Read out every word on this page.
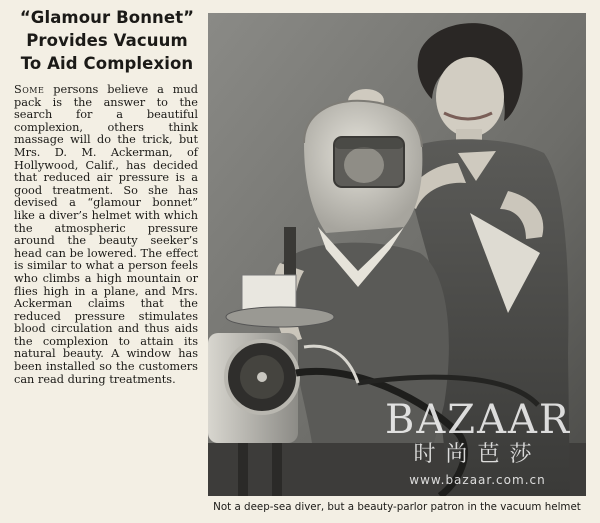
“Glamour Bonnet”
Provides Vacuum
To Aid Complexion
Some persons believe a mud pack is the answer to the search for a beautiful complexion, others think massage will do the trick, but Mrs. D. M. Ackerman, of Hollywood, Calif., has decided that reduced air pressure is a good treatment. So she has devised a “glamour bonnet” like a diver’s helmet with which the atmospheric pressure around the beauty seeker’s head can be lowered. The effect is similar to what a person feels who climbs a high mountain or flies high in a plane, and Mrs. Ackerman claims that the reduced pressure stimulates blood circulation and thus aids the complexion to attain its natural beauty. A window has been installed so the customers can read during treatments.
BAZAAR
时尚芭莎
www.bazaar.com.cn
Not a deep-sea diver, but a beauty-parlor patron in the vacuum helmet
